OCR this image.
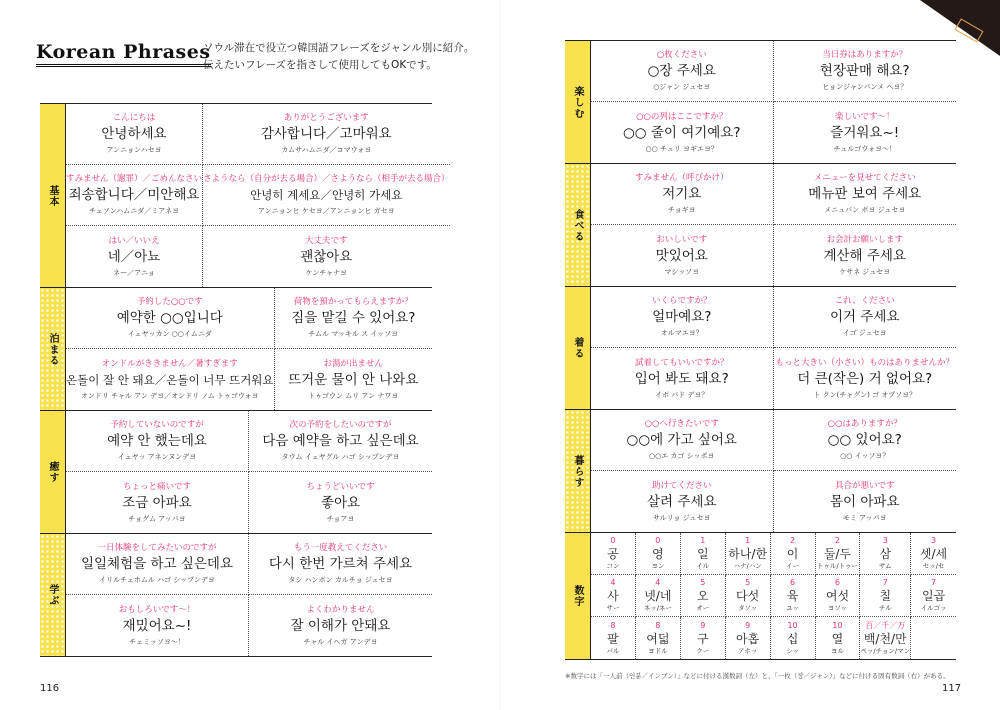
Korean Phrases
ソウル滞在で役立つ韓国語フレーズをジャンル別に紹介。
伝えたいフレーズを指さして使用してもOKです。
基本
こんにちは
안녕하세요
アンニョンハセヨ
ありがとうございます
감사합니다／고마워요
カムサハムニダ／コマウォヨ
すみません（謝罪）／ごめんなさい
죄송합니다／미안해요
チェソンハムニダ／ミアネヨ
さようなら（自分が去る場合）／さようなら（相手が去る場合）
안녕히 계세요／안녕히 가세요
アンニョンヒ ケセヨ／アンニョンヒ ガセヨ
はい／いいえ
네／아뇨
ネー／アニョ
大丈夫です
괜찮아요
ケンチャナヨ
泊まる
予約した○○です
예약한 ○○입니다
イェヤッカン ○○イムニダ
荷物を預かってもらえますか？
짐을 맡길 수 있어요?
チムル マッキル ス イッソヨ
オンドルがききません／暑すぎます
온돌이 잘 안 돼요／온돌이 너무 뜨거워요
オンドリ チャル アン デヨ／オンドリ ノム トゥゴウォヨ
お湯が出ません
뜨거운 물이 안 나와요
トゥゴウン ムリ アン ナワヨ
癒す
予約していないのですが
예약 안 했는데요
イェヤッ アネンヌンデヨ
次の予約をしたいのですが
다음 예약을 하고 싶은데요
タウム イェヤグル ハゴ シップンデヨ
ちょっと痛いです
조금 아파요
チョグム アッパヨ
ちょうどいいです
좋아요
チョアヨ
学ぶ
一日体験をしてみたいのですが
일일체험을 하고 싶은데요
イリルチェホムル ハゴ シップンデヨ
もう一度教えてください
다시 한번 가르쳐 주세요
タシ ハンボン カルチョ ジュセヨ
おもしろいです〜！
재밌어요~!
チェミッソヨ〜！
よくわかりません
잘 이해가 안돼요
チャル イヘガ アンデヨ
楽しむ
○枚ください
○장 주세요
○ジャン ジュセヨ
当日券はありますか？
현장판매 해요?
ヒョンジャンパンメ ヘヨ？
○○の列はここですか？
○○ 줄이 여기예요?
○○ チュリ ヨギエヨ？
楽しいです〜！
즐거워요~!
チュルゴウォヨ〜！
食べる
すみません（呼びかけ）
저기요
チョギヨ
メニューを見せてください
메뉴판 보여 주세요
メニュパン ボヨ ジュセヨ
おいしいです
맛있어요
マシッソヨ
お会計お願いします
계산해 주세요
ケサネ ジュセヨ
着る
いくらですか？
얼마예요?
オルマエヨ？
これ、ください
이거 주세요
イゴ ジュセヨ
試着してもいいですか？
입어 봐도 돼요?
イボ バド デヨ？
もっと大きい（小さい）ものはありませんか？
더 큰(작은) 거 없어요?
ト クン(チャグン) ゴ オプソヨ？
暮らす
○○へ行きたいです
○○에 가고 싶어요
○○エ カゴ シッポヨ
○○はありますか？
○○ 있어요?
○○ イッソヨ？
助けてください
살려 주세요
サルリョ ジュセヨ
具合が悪いです
몸이 아파요
モミ アッパヨ
数字
0
공
コン
0
영
ヨン
1
일
イル
1
하나/한
ハナ/ハン
2
이
イー
2
둘/두
トゥル/トゥー
3
삼
サム
3
셋/세
セッ/セ
4
사
サー
4
넷/네
ネッ/ネー
5
오
オー
5
다섯
タソッ
6
육
ユッ
6
여섯
ヨソッ
7
칠
チル
7
일곱
イルゴッ
8
팔
パル
8
여덟
ヨドル
9
구
クー
9
아홉
アホッ
10
십
シッ
10
열
ヨル
百／千／万
백/천/만
ペッ/チョン/マン
116	117
※数字には「一人前（인분／インブン）」などに付ける漢数詞（左）と、「一枚（장／ジャン）」などに付ける固有数詞（右）がある。
